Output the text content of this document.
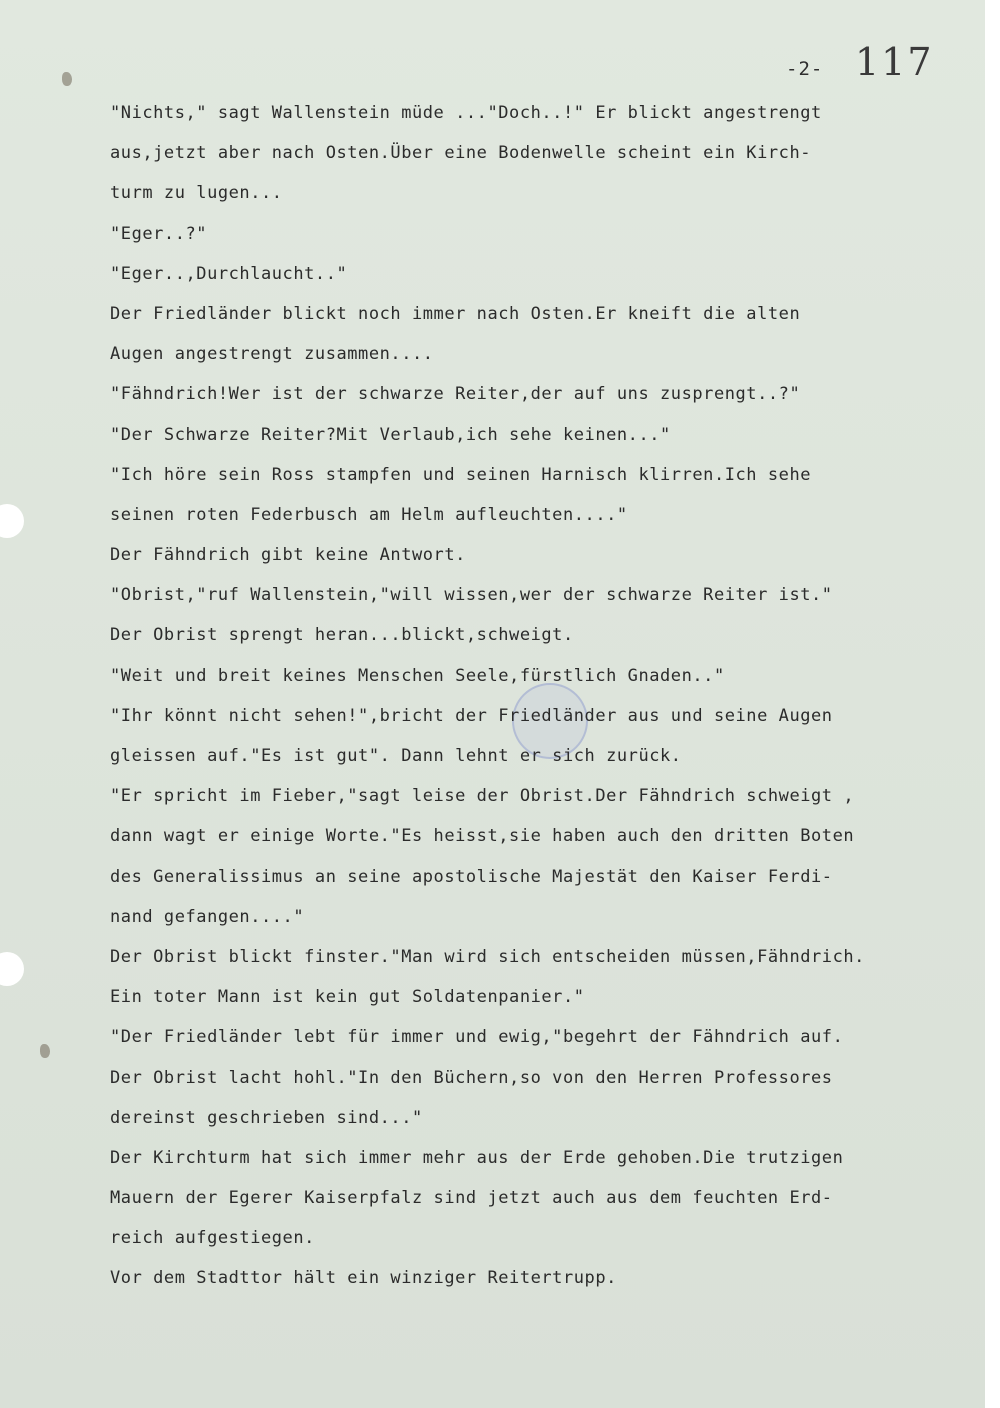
-2- 117
"Nichts," sagt Wallenstein müde ..."Doch..!" Er blickt angestrengt
aus,jetzt aber nach Osten.Über eine Bodenwelle scheint ein Kirch-
turm zu lugen...
"Eger..?"
"Eger..,Durchlaucht.."
Der Friedländer blickt noch immer nach Osten.Er kneift die alten
Augen angestrengt zusammen....
"Fähndrich!Wer ist der schwarze Reiter,der auf uns zusprengt..?"
"Der Schwarze Reiter?Mit Verlaub,ich sehe keinen..."
"Ich höre sein Ross stampfen und seinen Harnisch klirren.Ich sehe
seinen roten Federbusch am Helm aufleuchten...."
Der Fähndrich gibt keine Antwort.
"Obrist,"ruf Wallenstein,"will wissen,wer der schwarze Reiter ist."
Der Obrist sprengt heran...blickt,schweigt.
"Weit und breit keines Menschen Seele,fürstlich Gnaden.."
"Ihr könnt nicht sehen!",bricht der Friedländer aus und seine Augen
gleissen auf."Es ist gut". Dann lehnt er sich zurück.
"Er spricht im Fieber,"sagt leise der Obrist.Der Fähndrich schweigt ,
dann wagt er einige Worte."Es heisst,sie haben auch den dritten Boten
des Generalissimus an seine apostolische Majestät den Kaiser Ferdi-
nand gefangen...."
Der Obrist blickt finster."Man wird sich entscheiden müssen,Fähndrich.
Ein toter Mann ist kein gut Soldatenpanier."
"Der Friedländer lebt für immer und ewig,"begehrt der Fähndrich auf.
Der Obrist lacht hohl."In den Büchern,so von den Herren Professores
dereinst geschrieben sind..."
Der Kirchturm hat sich immer mehr aus der Erde gehoben.Die trutzigen
Mauern der Egerer Kaiserpfalz sind jetzt auch aus dem feuchten Erd-
reich aufgestiegen.
Vor dem Stadttor hält ein winziger Reitertrupp.
